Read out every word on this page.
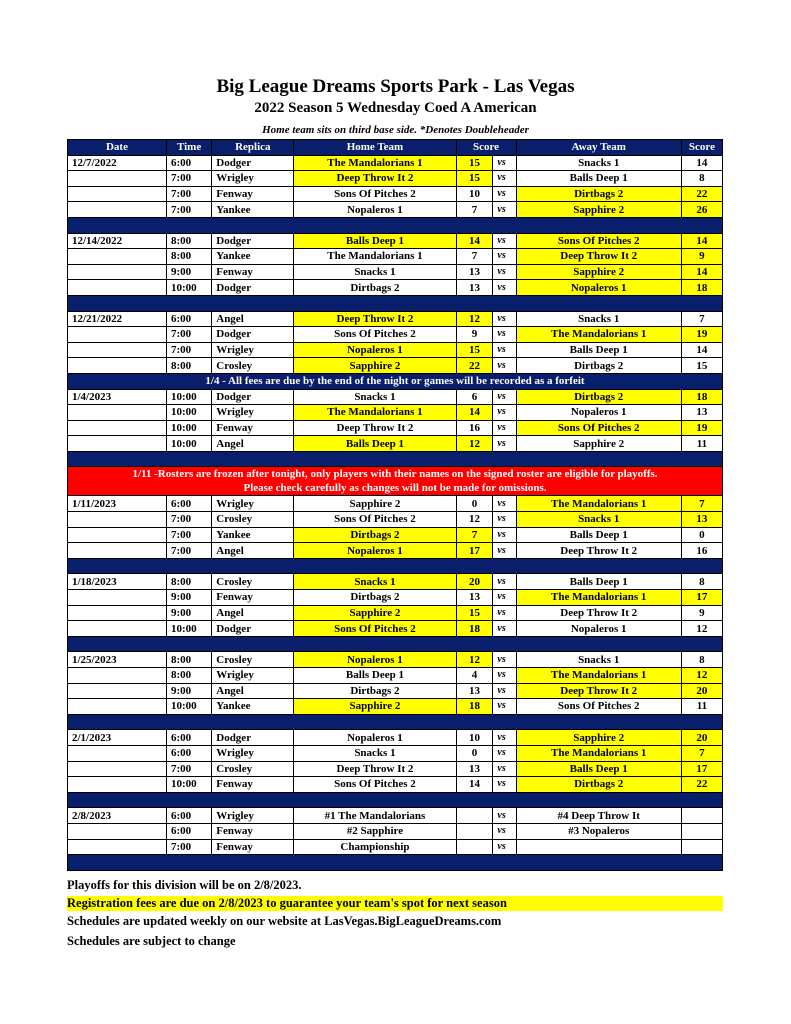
Big League Dreams Sports Park - Las Vegas
2022 Season 5 Wednesday Coed A American
Home team sits on third base side. *Denotes Doubleheader
Date	Time	Replica	Home Team	Score		Away Team	Score
12/7/2022	6:00	Dodger	The Mandalorians 1	15	vs	Snacks 1	14
	7:00	Wrigley	Deep Throw It 2	15	vs	Balls Deep 1	8
	7:00	Fenway	Sons Of Pitches 2	10	vs	Dirtbags 2	22
	7:00	Yankee	Nopaleros 1	7	vs	Sapphire 2	26

12/14/2022	8:00	Dodger	Balls Deep 1	14	vs	Sons Of Pitches 2	14
	8:00	Yankee	The Mandalorians 1	7	vs	Deep Throw It 2	9
	9:00	Fenway	Snacks 1	13	vs	Sapphire 2	14
	10:00	Dodger	Dirtbags 2	13	vs	Nopaleros 1	18

12/21/2022	6:00	Angel	Deep Throw It 2	12	vs	Snacks 1	7
	7:00	Dodger	Sons Of Pitches 2	9	vs	The Mandalorians 1	19
	7:00	Wrigley	Nopaleros 1	15	vs	Balls Deep 1	14
	8:00	Crosley	Sapphire 2	22	vs	Dirtbags 2	15
1/4 - All fees are due by the end of the night or games will be recorded as a forfeit							
1/4/2023	10:00	Dodger	Snacks 1	6	vs	Dirtbags 2	18
	10:00	Wrigley	The Mandalorians 1	14	vs	Nopaleros 1	13
	10:00	Fenway	Deep Throw It 2	16	vs	Sons Of Pitches 2	19
	10:00	Angel	Balls Deep 1	12	vs	Sapphire 2	11

1/11 -Rosters are frozen after tonight, only players with their names on the signed roster are eligible for playoffs.
Please check carefully as changes will not be made for omissions.							

1/11/2023	6:00	Wrigley	Sapphire 2	0	vs	The Mandalorians 1	7
	7:00	Crosley	Sons Of Pitches 2	12	vs	Snacks 1	13
	7:00	Yankee	Dirtbags 2	7	vs	Balls Deep 1	0
	7:00	Angel	Nopaleros 1	17	vs	Deep Throw It 2	16

1/18/2023	8:00	Crosley	Snacks 1	20	vs	Balls Deep 1	8
	9:00	Fenway	Dirtbags 2	13	vs	The Mandalorians 1	17
	9:00	Angel	Sapphire 2	15	vs	Deep Throw It 2	9
	10:00	Dodger	Sons Of Pitches 2	18	vs	Nopaleros 1	12

1/25/2023	8:00	Crosley	Nopaleros 1	12	vs	Snacks 1	8
	8:00	Wrigley	Balls Deep 1	4	vs	The Mandalorians 1	12
	9:00	Angel	Dirtbags 2	13	vs	Deep Throw It 2	20
	10:00	Yankee	Sapphire 2	18	vs	Sons Of Pitches 2	11

2/1/2023	6:00	Dodger	Nopaleros 1	10	vs	Sapphire 2	20
	6:00	Wrigley	Snacks 1	0	vs	The Mandalorians 1	7
	7:00	Crosley	Deep Throw It 2	13	vs	Balls Deep 1	17
	10:00	Fenway	Sons Of Pitches 2	14	vs	Dirtbags 2	22

2/8/2023	6:00	Wrigley	#1 The Mandalorians		vs	#4 Deep Throw It	
	6:00	Fenway	#2 Sapphire		vs	#3 Nopaleros	
	7:00	Fenway	Championship		vs		

Playoffs for this division will be on 2/8/2023.
Registration fees are due on 2/8/2023 to guarantee your team's spot for next season
Schedules are updated weekly on our website at LasVegas.BigLeagueDreams.com
Schedules are subject to change
